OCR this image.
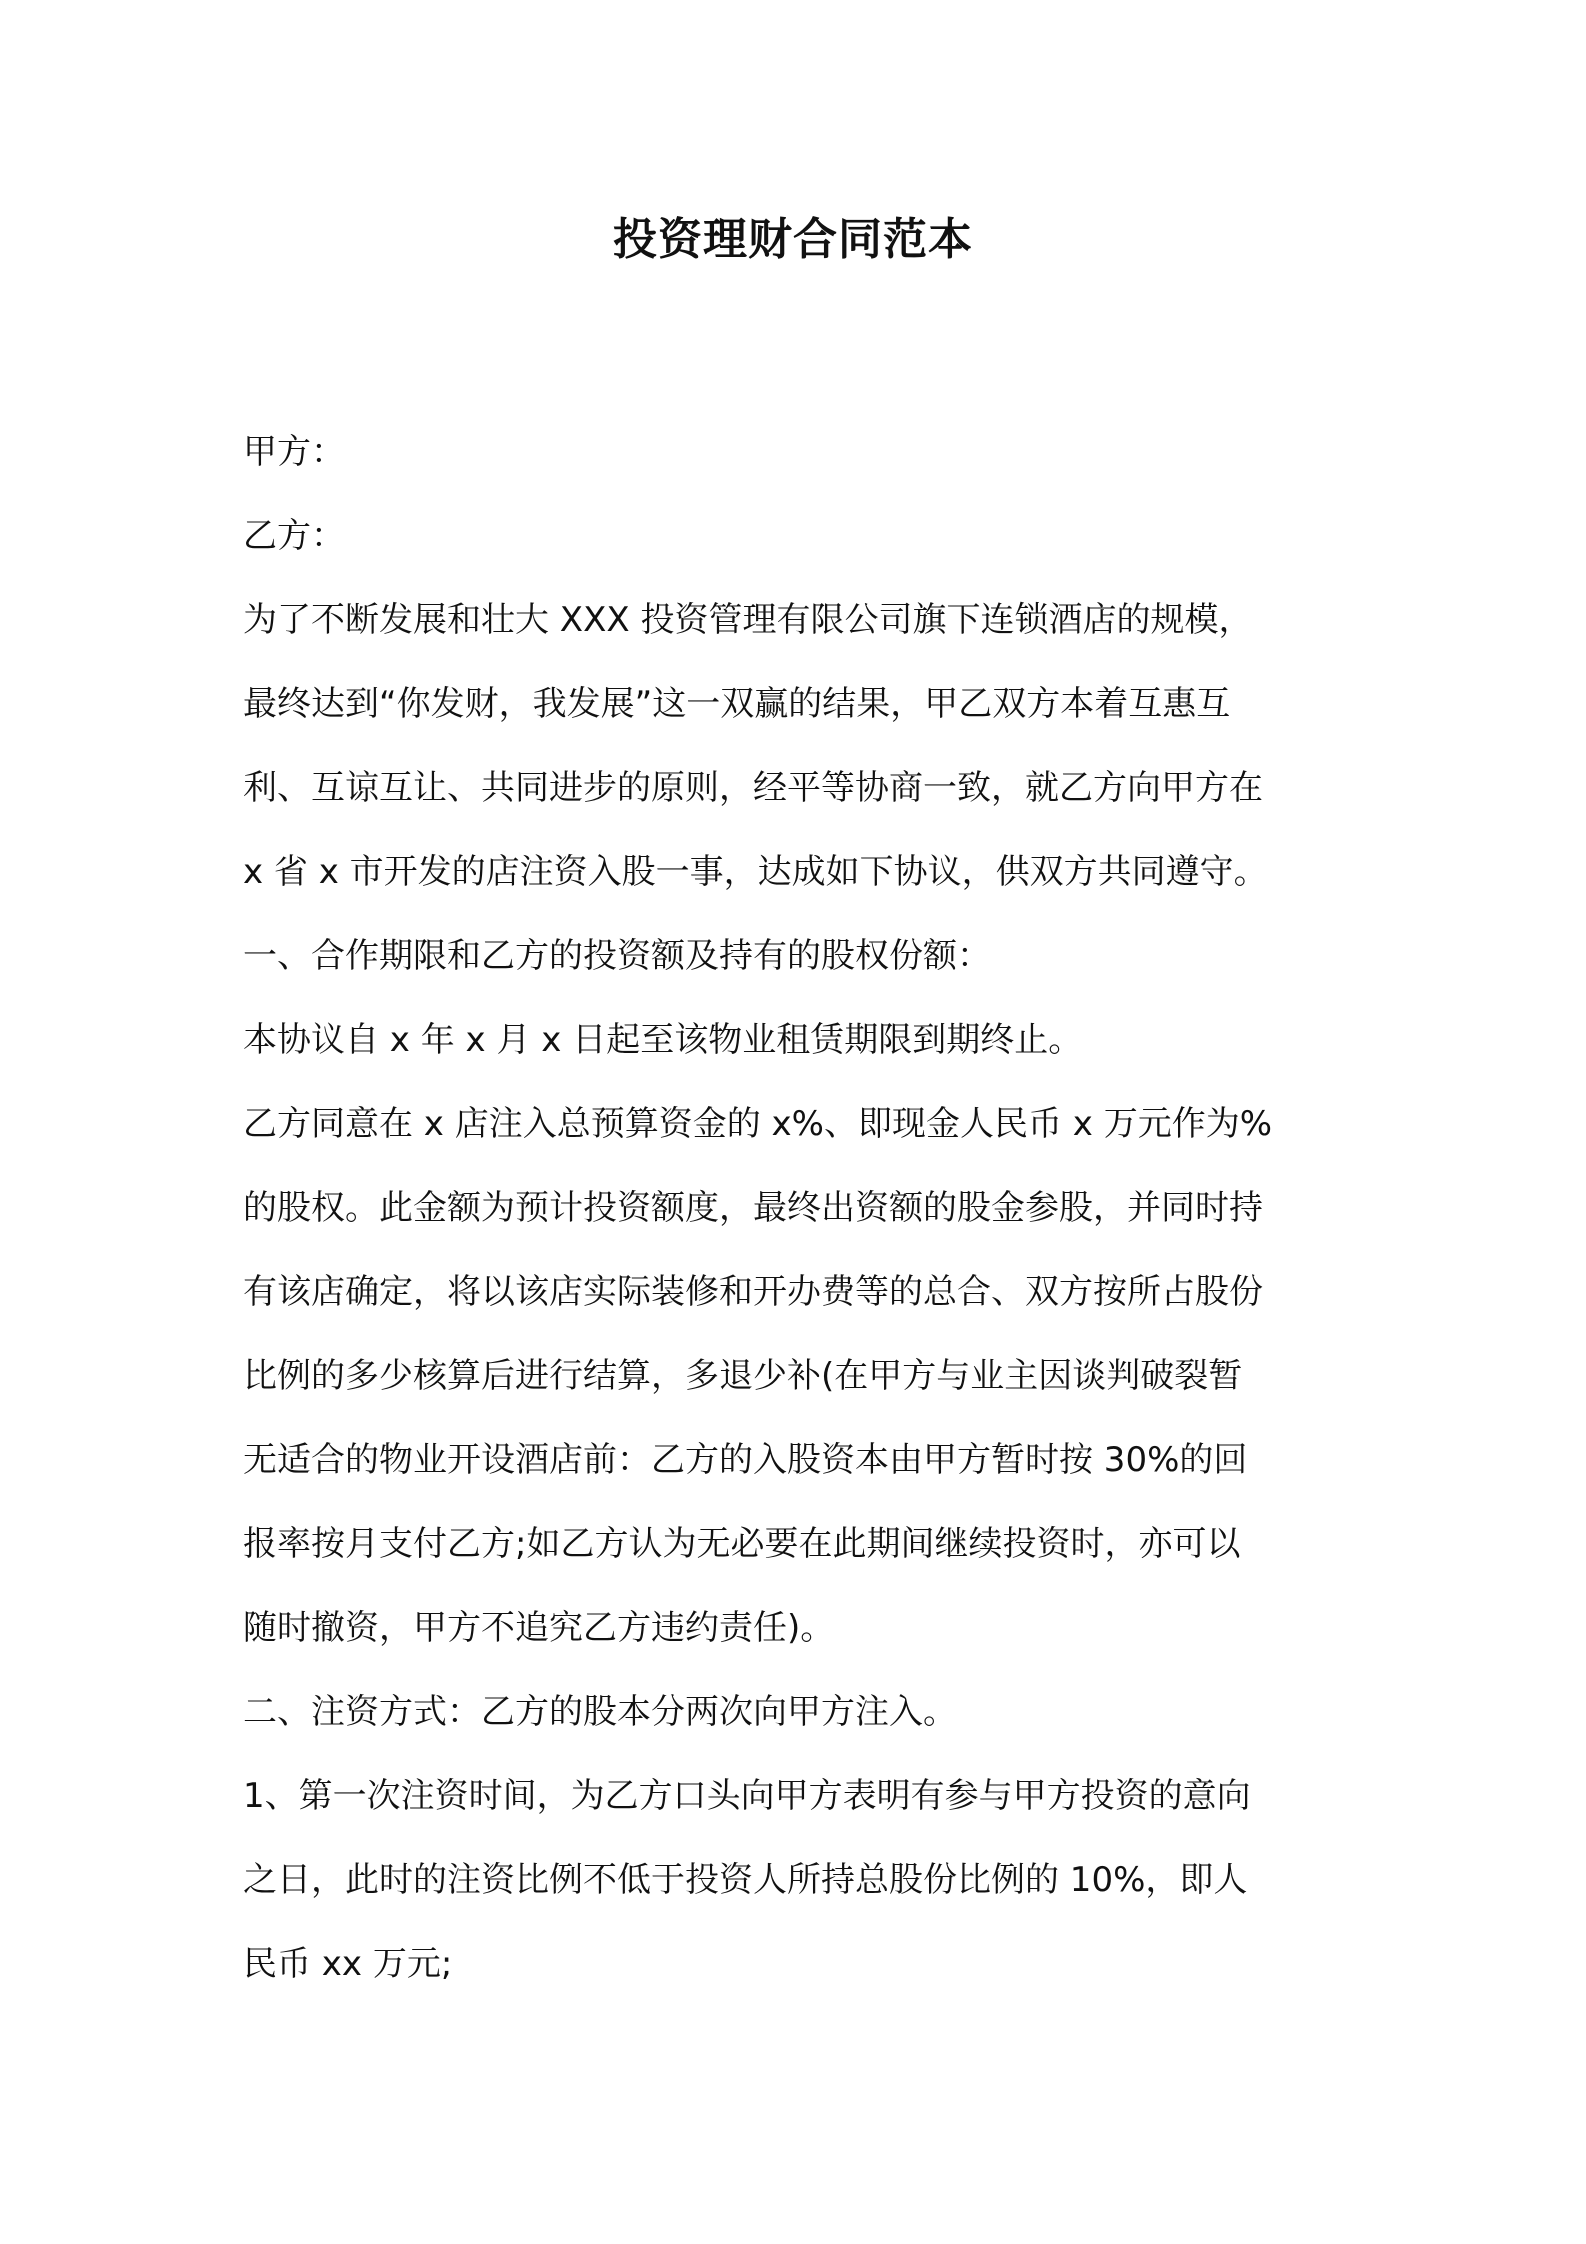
投资理财合同范本
甲方：
乙方：
为了不断发展和壮大 XXX 投资管理有限公司旗下连锁酒店的规模，
最终达到“你发财，我发展”这一双赢的结果，甲乙双方本着互惠互
利、互谅互让、共同进步的原则，经平等协商一致，就乙方向甲方在
x 省 x 市开发的店注资入股一事，达成如下协议，供双方共同遵守。
一、合作期限和乙方的投资额及持有的股权份额：
本协议自 x 年 x 月 x 日起至该物业租赁期限到期终止。
乙方同意在 x 店注入总预算资金的 x%、即现金人民币 x 万元作为%
的股权。此金额为预计投资额度，最终出资额的股金参股，并同时持
有该店确定，将以该店实际装修和开办费等的总合、双方按所占股份
比例的多少核算后进行结算，多退少补(在甲方与业主因谈判破裂暂
无适合的物业开设酒店前：乙方的入股资本由甲方暂时按 30%的回
报率按月支付乙方;如乙方认为无必要在此期间继续投资时，亦可以
随时撤资，甲方不追究乙方违约责任)。
二、注资方式：乙方的股本分两次向甲方注入。
1、第一次注资时间，为乙方口头向甲方表明有参与甲方投资的意向
之日，此时的注资比例不低于投资人所持总股份比例的 10%，即人
民币 xx 万元;
